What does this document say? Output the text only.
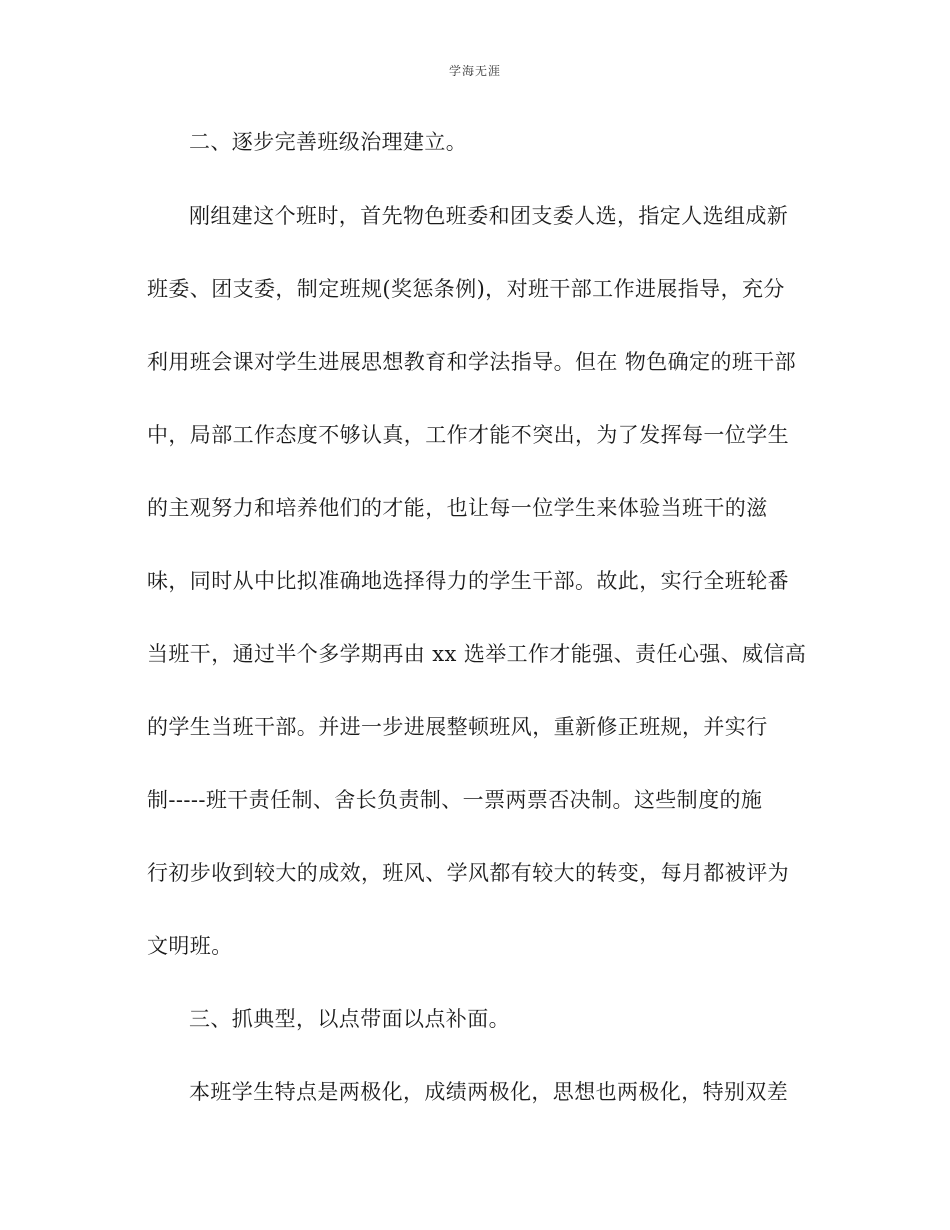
学海无涯
二、逐步完善班级治理建立。
刚组建这个班时，首先物色班委和团支委人选，指定人选组成新
班委、团支委，制定班规(奖惩条例)，对班干部工作进展指导，充分
利用班会课对学生进展思想教育和学法指导。但在 物色确定的班干部
中，局部工作态度不够认真，工作才能不突出，为了发挥每一位学生
的主观努力和培养他们的才能，也让每一位学生来体验当班干的滋
味，同时从中比拟准确地选择得力的学生干部。故此，实行全班轮番
当班干，通过半个多学期再由 xx 选举工作才能强、责任心强、威信高
的学生当班干部。并进一步进展整顿班风，重新修正班规，并实行
制-----班干责任制、舍长负责制、一票两票否决制。这些制度的施
行初步收到较大的成效，班风、学风都有较大的转变，每月都被评为
文明班。
三、抓典型，以点带面以点补面。
本班学生特点是两极化，成绩两极化，思想也两极化，特别双差
